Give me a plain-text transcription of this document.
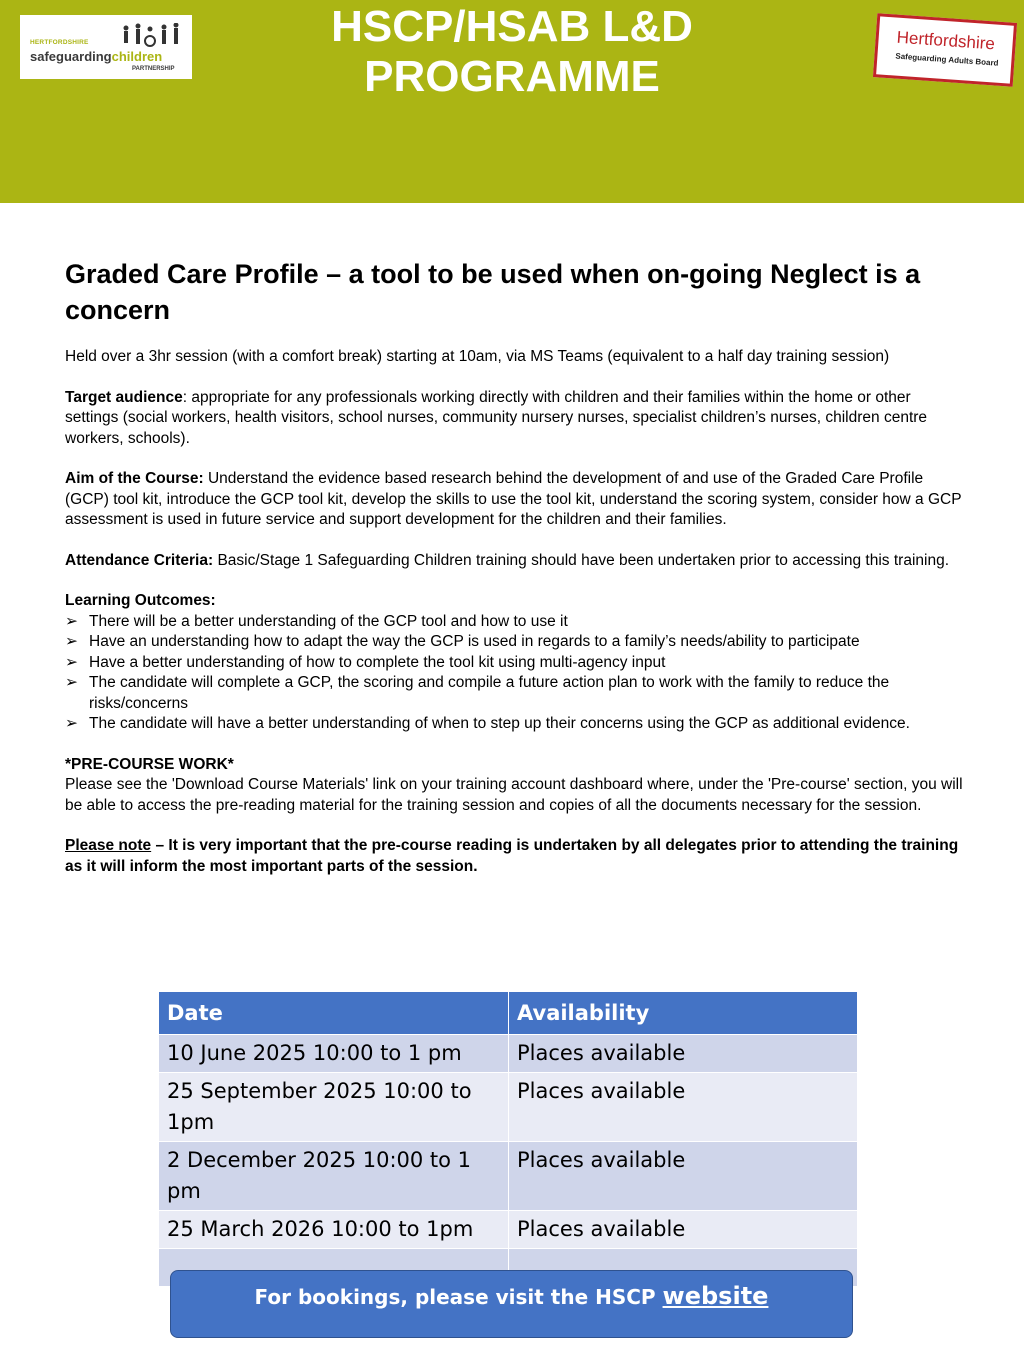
HERTFORDSHIRE
safeguardingchildren
PARTNERSHIP
HSCP/HSAB L&D
PROGRAMME
Hertfordshire
Safeguarding Adults Board
Graded Care Profile – a tool to be used when on-going Neglect is a concern

Held over a 3hr session (with a comfort break) starting at 10am, via MS Teams (equivalent to a half day training session)

Target audience: appropriate for any professionals working directly with children and their families within the home or other settings (social workers, health visitors, school nurses, community nursery nurses, specialist children’s nurses, children centre workers, schools).

Aim of the Course: Understand the evidence based research behind the development of and use of the Graded Care Profile (GCP) tool kit, introduce the GCP tool kit, develop the skills to use the tool kit, understand the scoring system, consider how a GCP assessment is used in future service and support development for the children and their families.

Attendance Criteria: Basic/Stage 1 Safeguarding Children training should have been undertaken prior to accessing this training.

Learning Outcomes:
➢ There will be a better understanding of the GCP tool and how to use it
➢ Have an understanding how to adapt the way the GCP is used in regards to a family’s needs/ability to participate
➢ Have a better understanding of how to complete the tool kit using multi-agency input
➢ The candidate will complete a GCP, the scoring and compile a future action plan to work with the family to reduce the risks/concerns
➢ The candidate will have a better understanding of when to step up their concerns using the GCP as additional evidence.
*PRE-COURSE WORK*

Please see the 'Download Course Materials' link on your training account dashboard where, under the 'Pre-course' section, you will be able to access the pre-reading material for the training session and copies of all the documents necessary for the session.

Please note – It is very important that the pre-course reading is undertaken by all delegates prior to attending the training as it will inform the most important parts of the session.

Date	Availability
10 June 2025 10:00 to 1 pm	Places available
25 September 2025 10:00 to 1pm	Places available
2 December 2025 10:00 to 1 pm	Places available
25 March 2026 10:00 to 1pm	Places available

For bookings, please visit the HSCP website
